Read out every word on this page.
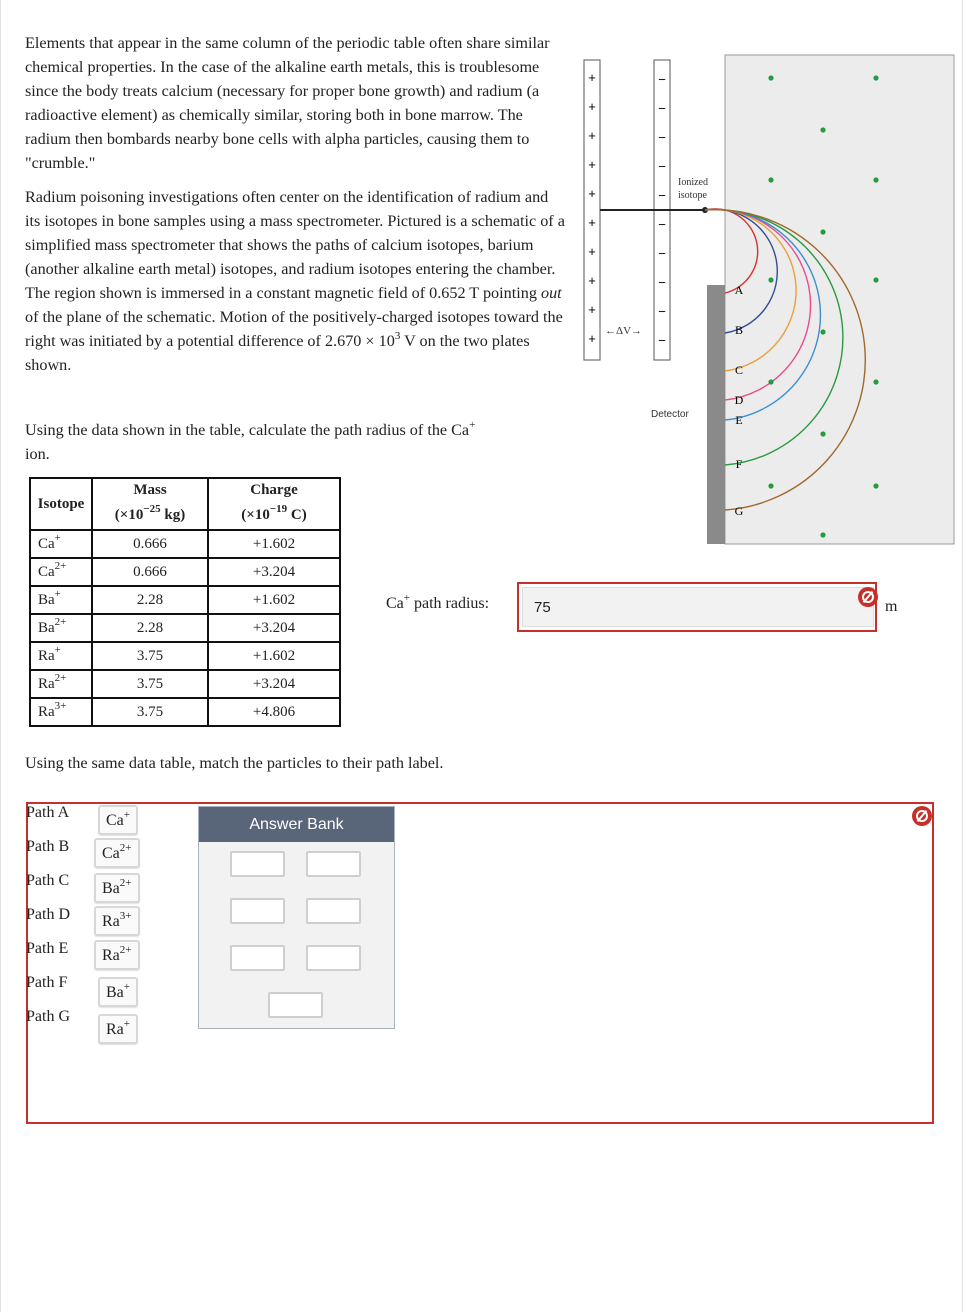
Elements that appear in the same column of the periodic table often share similar chemical properties. In the case of the alkaline earth metals, this is troublesome since the body treats calcium (necessary for proper bone growth) and radium (a radioactive element) as chemically similar, storing both in bone marrow. The radium then bombards nearby bone cells with alpha particles, causing them to "crumble."

Radium poisoning investigations often center on the identification of radium and its isotopes in bone samples using a mass spectrometer. Pictured is a schematic of a simplified mass spectrometer that shows the paths of calcium isotopes, barium (another alkaline earth metal) isotopes, and radium isotopes entering the chamber. The region shown is immersed in a constant magnetic field of 0.652 T pointing out of the plane of the schematic. Motion of the positively-charged isotopes toward the right was initiated by a potential difference of $2.670 \times 10^3$ V on the two plates shown.

Using the data shown in the table, calculate the path radius of the Ca+
ion.

Isotope	Mass	Charge
	($\times 10^{-25}$ kg)	($\times 10^{-19}$ C)
Ca+	0.666	+1.602
$Ca^{2+}$	0.666	+3.204
Ba+	2.28	+1.602
$Ba^{2+}$	2.28	+3.204
Ra+	3.75	+1.602
$Ra^{2+}$	3.75	+3.204
$Ra^{3+}$	3.75	+4.806
Ca+ path radius:
75	m

Using the same data table, match the particles to their path label.

Path A
Path B
Path C
Path D
Path E
Path F
Path G
Ca+
$Ca^{2+}$
$Ba^{2+}$
$Ra^{3+}$
$Ra^{2+}$
Ba+
Ra+
Answer Bank
+
+
+
+
+
+
+
+
+
+
−
−
−
−
−
−
−
−
−
−
Ionized
isotope
←ΔV→
Detector
A
B
C
D
E
F
G
